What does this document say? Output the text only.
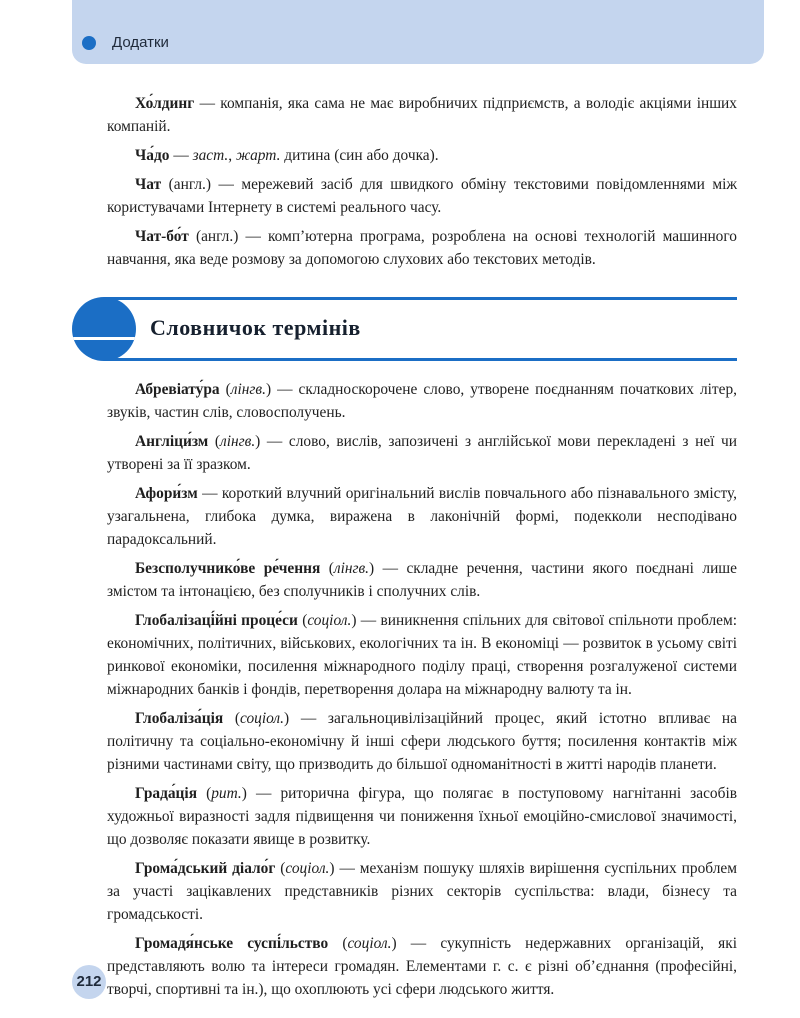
Додатки

Хо́лдинг — компанія, яка сама не має виробничих підприємств, а володіє акціями інших компаній.

Ча́до — заст., жарт. дитина (син або дочка).

Чат (англ.) — мережевий засіб для швидкого обміну текстовими повідомленнями між користувачами Інтернету в системі реального часу.

Чат-бо́т (англ.) — комп’ютерна програма, розроблена на основі технологій машинного навчання, яка веде розмову за допомогою слухових або текстових методів.

Словничок термінів

Абревіату́ра (лінгв.) — складноскорочене слово, утворене поєднанням початкових літер, звуків, частин слів, словосполучень.

Англіци́зм (лінгв.) — слово, вислів, запозичені з англійської мови перекладені з неї чи утворені за її зразком.

Афори́зм — короткий влучний оригінальний вислів повчального або пізнавального змісту, узагальнена, глибока думка, виражена в лаконічній формі, подекколи несподівано парадоксальний.

Безсполучнико́ве ре́чення (лінгв.) — складне речення, частини якого поєднані лише змістом та інтонацією, без сполучників і сполучних слів.

Глобалізаці́йні проце́си (соціол.) — виникнення спільних для світової спільноти проблем: економічних, політичних, військових, екологічних та ін. В економіці — розвиток в усьому світі ринкової економіки, посилення міжнародного поділу праці, створення розгалуженої системи міжнародних банків і фондів, перетворення долара на міжнародну валюту та ін.

Глобаліза́ція (соціол.) — загальноцивілізаційний процес, який істотно впливає на політичну та соціально-економічну й інші сфери людського буття; посилення контактів між різними частинами світу, що призводить до більшої одноманітності в житті народів планети.

Града́ція (рит.) — риторична фігура, що полягає в поступовому нагнітанні засобів художньої виразності задля підвищення чи пониження їхньої емоційно-смислової значимості, що дозволяє показати явище в розвитку.

Грома́дський діало́г (соціол.) — механізм пошуку шляхів вирішення суспільних проблем за участі зацікавлених представників різних секторів суспільства: влади, бізнесу та громадськості.

Громадя́нське суспі́льство (соціол.) — сукупність недержавних організацій, які представляють волю та інтереси громадян. Елементами г. с. є різні об’єднання (професійні, творчі, спортивні та ін.), що охоплюють усі сфери людського життя.

212
